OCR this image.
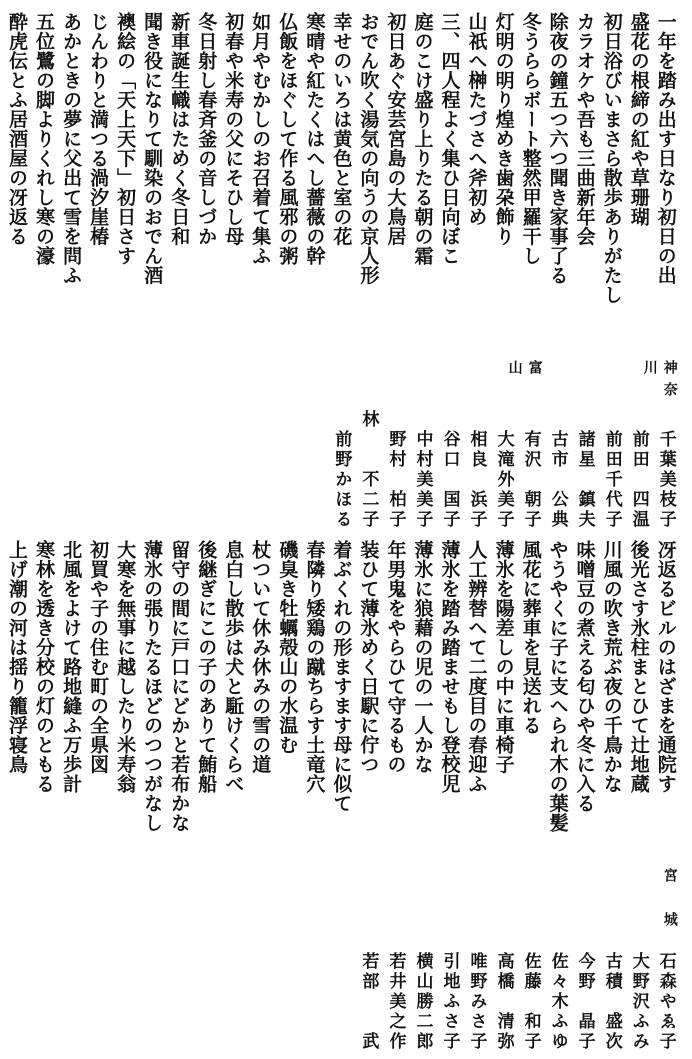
一年を踏み出す日なり初日の出
神奈川
千葉美枝子
盛花の根締の紅や草珊瑚
前田　四温
初日浴びいまさら散歩ありがたし
前田千代子
カラオケや吾も三曲新年会
諸星　鎮夫
除夜の鐘五つ六つ聞き家事了る
古市　公典
冬うららボート整然甲羅干し
富　山
有沢　朝子
灯明の明り煌めき歯朶飾り
大滝外美子
山祇へ榊たづさへ斧初め
相良　浜子
三、四人程よく集ひ日向ぼこ
谷口　国子
庭のこけ盛り上りたる朝の霜
中村美美子
初日あぐ安芸宮島の大鳥居
野村　柏子
おでん吹く湯気の向うの京人形
林　　不二子
幸せのいろは黄色と室の花
前野かほる
寒晴や紅たくはへし薔薇の幹
仏飯をほぐして作る風邪の粥
如月やむかしのお召着て集ふ
初春や米寿の父にそひし母
冬日射し春斉釜の音しづか
新車誕生幟はためく冬日和
聞き役になりて馴染のおでん酒
襖絵の「天上天下」初日さす
じんわりと満つる渦汐崖椿
あかときの夢に父出て雪を問ふ
五位鷺の脚よりくれし寒の濠
酔虎伝とふ居酒屋の冴返る
冴返るビルのはざまを通院す
宮　城
石森やゑ子
後光さす氷柱まとひて辻地蔵
大野沢ふみ
川風の吹き荒ぶ夜の千鳥かな
古積　盛次
味噌豆の煮える匂ひや冬に入る
今野　晶子
やうやくに子に支へられ木の葉髪
佐々木ふゆ
風花に葬車を見送れる
佐藤　和子
薄氷を陽差しの中に車椅子
高橋　清弥
人工辨替へて二度目の春迎ふ
唯野みさ子
薄氷を踏み踏ませもし登校児
引地ふさ子
薄氷に狼藉の児の一人かな
横山勝二郎
年男鬼をやらひて守るもの
若井美之作
装ひて薄氷めく日駅に佇つ
若部　　武
着ぶくれの形ますます母に似て
春隣り矮鶏の蹴ちらす土竜穴
磯臭き牡蠣殻山の水温む
杖ついて休み休みの雪の道
息白し散歩は犬と駈けくらべ
後継ぎにこの子のありて鮪船
留守の間に戸口にどかと若布かな
薄氷の張りたるほどのつつがなし
大寒を無事に越したり米寿翁
初買や子の住む町の全県図
北風をよけて路地縫ふ万歩計
寒林を透き分校の灯のともる
上げ潮の河は揺り籠浮寝鳥
